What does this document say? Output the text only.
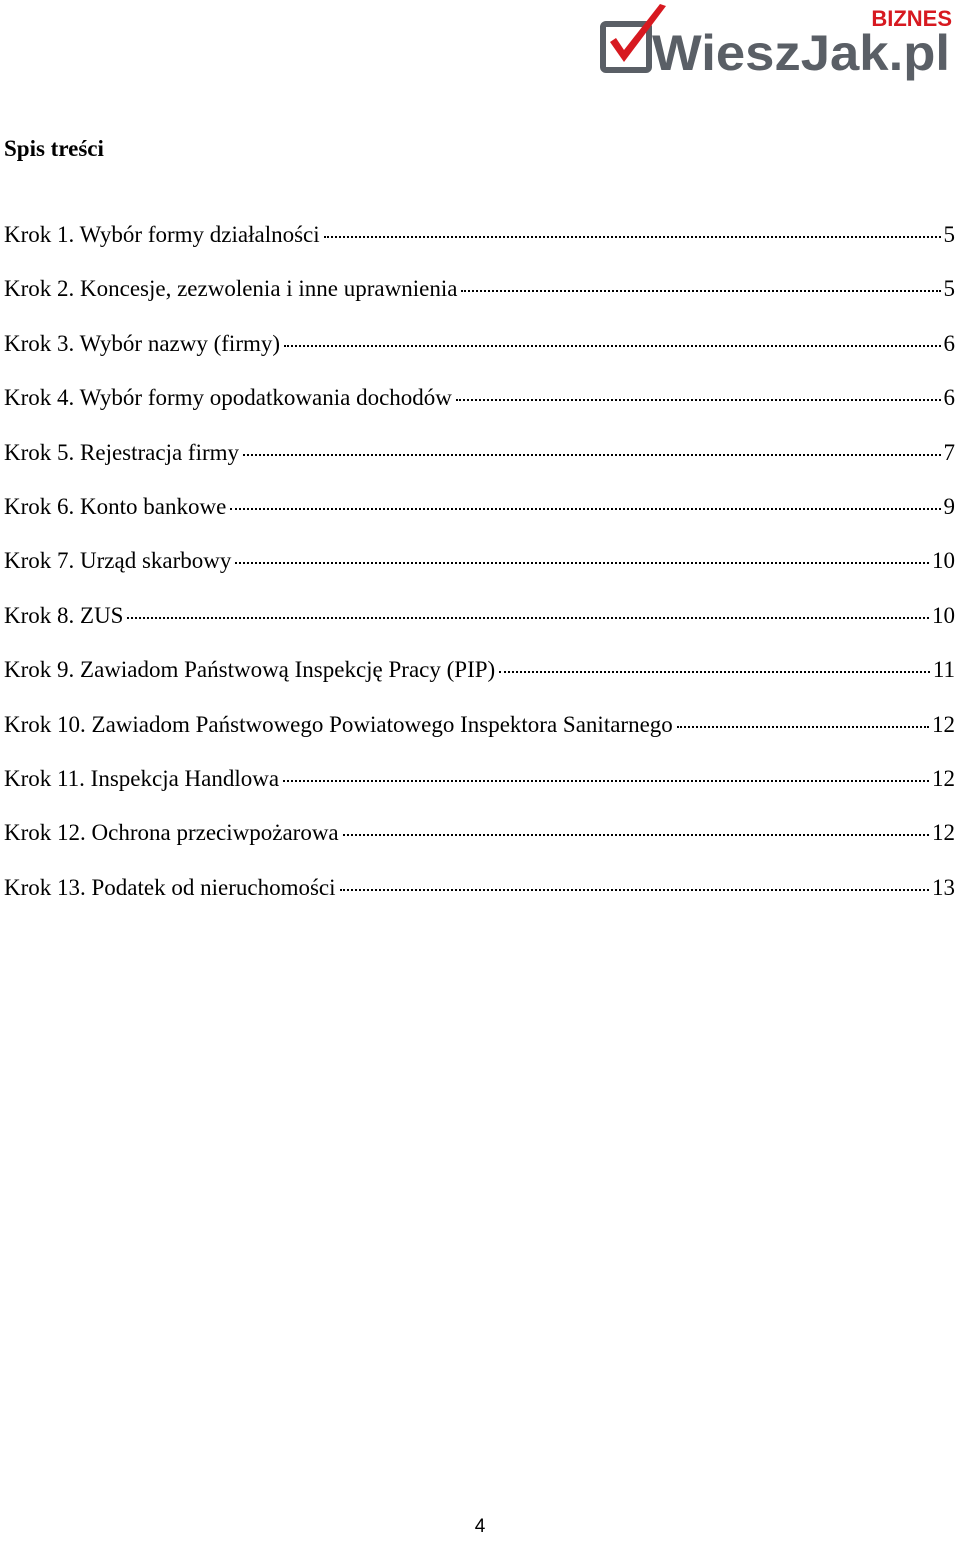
BIZNES
WieszJak.pl
Spis treści
Krok 1. Wybór formy działalności	5
Krok 2. Koncesje, zezwolenia i inne uprawnienia	5
Krok 3. Wybór nazwy (firmy)	6
Krok 4. Wybór formy opodatkowania dochodów	6
Krok 5. Rejestracja firmy	7
Krok 6. Konto bankowe	9
Krok 7. Urząd skarbowy	10
Krok 8. ZUS	10
Krok 9. Zawiadom Państwową Inspekcję Pracy (PIP)	11
Krok 10. Zawiadom Państwowego Powiatowego Inspektora Sanitarnego	12
Krok 11. Inspekcja Handlowa	12
Krok 12. Ochrona przeciwpożarowa	12
Krok 13. Podatek od nieruchomości	13
4
